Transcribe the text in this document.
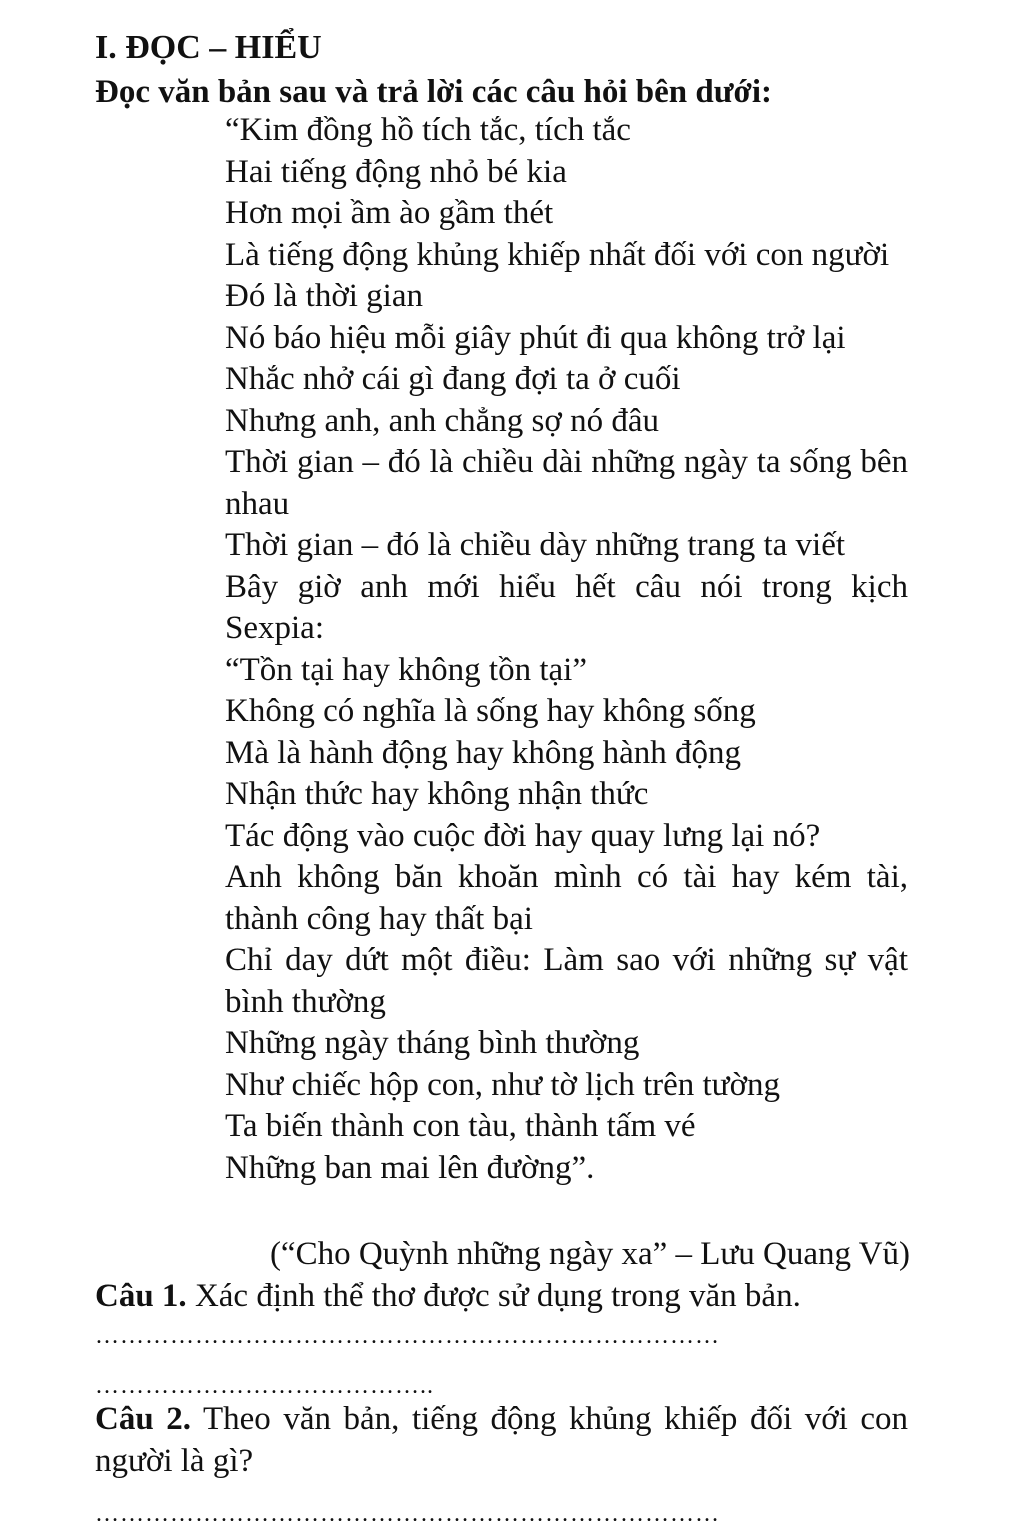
I. ĐỌC – HIỂU
Đọc văn bản sau và trả lời các câu hỏi bên dưới:
“Kim đồng hồ tích tắc, tích tắc
Hai tiếng động nhỏ bé kia
Hơn mọi ầm ào gầm thét
Là tiếng động khủng khiếp nhất đối với con người
Đó là thời gian
Nó báo hiệu mỗi giây phút đi qua không trở lại
Nhắc nhở cái gì đang đợi ta ở cuối
Nhưng anh, anh chẳng sợ nó đâu
Thời gian – đó là chiều dài những ngày ta sống bên nhau
Thời gian – đó là chiều dày những trang ta viết
Bây giờ anh mới hiểu hết câu nói trong kịch Sexpia:
“Tồn tại hay không tồn tại”
Không có nghĩa là sống hay không sống
Mà là hành động hay không hành động
Nhận thức hay không nhận thức
Tác động vào cuộc đời hay quay lưng lại nó?
Anh không băn khoăn mình có tài hay kém tài, thành công hay thất bại
Chỉ day dứt một điều: Làm sao với những sự vật bình thường
Những ngày tháng bình thường
Như chiếc hộp con, như tờ lịch trên tường
Ta biến thành con tàu, thành tấm vé
Những ban mai lên đường”.
(“Cho Quỳnh những ngày xa” – Lưu Quang Vũ)
Câu 1. Xác định thể thơ được sử dụng trong văn bản.
…………………………………………………………………
…………………………………..
Câu 2. Theo văn bản, tiếng động khủng khiếp đối với con người là gì?
…………………………………………………………………
